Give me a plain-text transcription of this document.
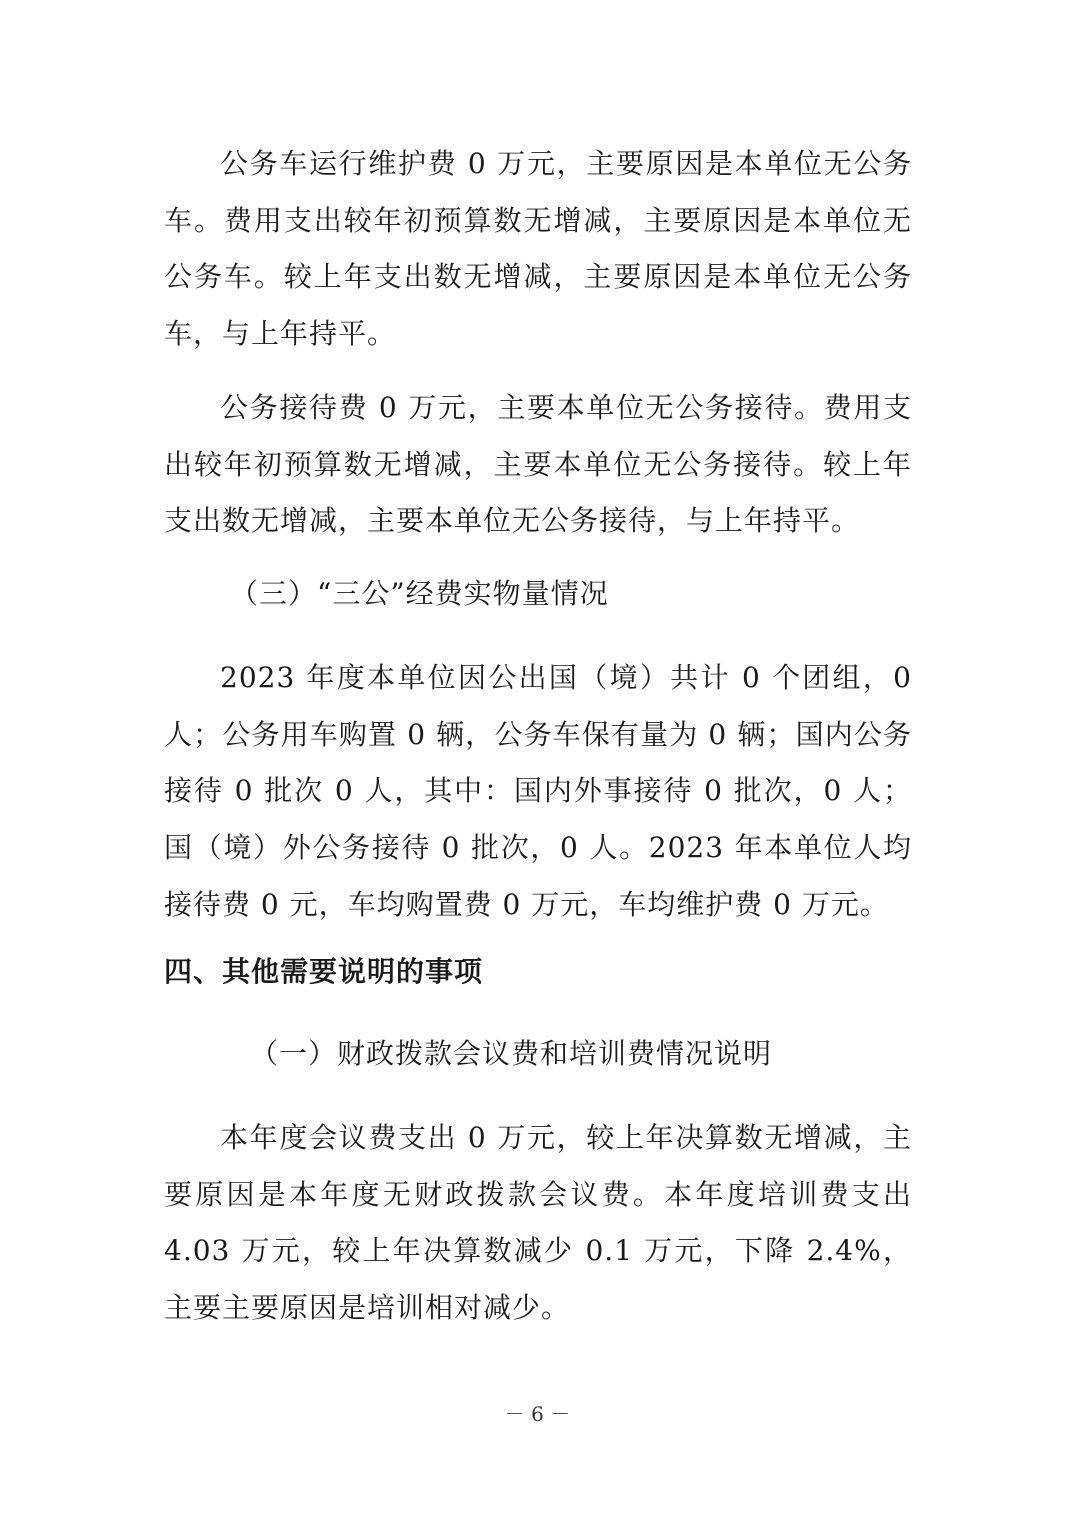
公务车运行维护费 0 万元，主要原因是本单位无公务车。费用支出较年初预算数无增减，主要原因是本单位无公务车。较上年支出数无增减，主要原因是本单位无公务车，与上年持平。

公务接待费 0 万元，主要本单位无公务接待。费用支出较年初预算数无增减，主要本单位无公务接待。较上年支出数无增减，主要本单位无公务接待，与上年持平。

（三）“三公”经费实物量情况

2023 年度本单位因公出国（境）共计 0 个团组，0 人；公务用车购置 0 辆，公务车保有量为 0 辆；国内公务接待 0 批次 0 人，其中：国内外事接待 0 批次，0 人；国（境）外公务接待 0 批次，0 人。2023 年本单位人均接待费 0 元，车均购置费 0 万元，车均维护费 0 万元。

四、其他需要说明的事项

（一）财政拨款会议费和培训费情况说明

本年度会议费支出 0 万元，较上年决算数无增减，主要原因是本年度无财政拨款会议费。本年度培训费支出 4.03 万元，较上年决算数减少 0.1 万元，下降 2.4%，主要主要原因是培训相对减少。

－ 6 －
